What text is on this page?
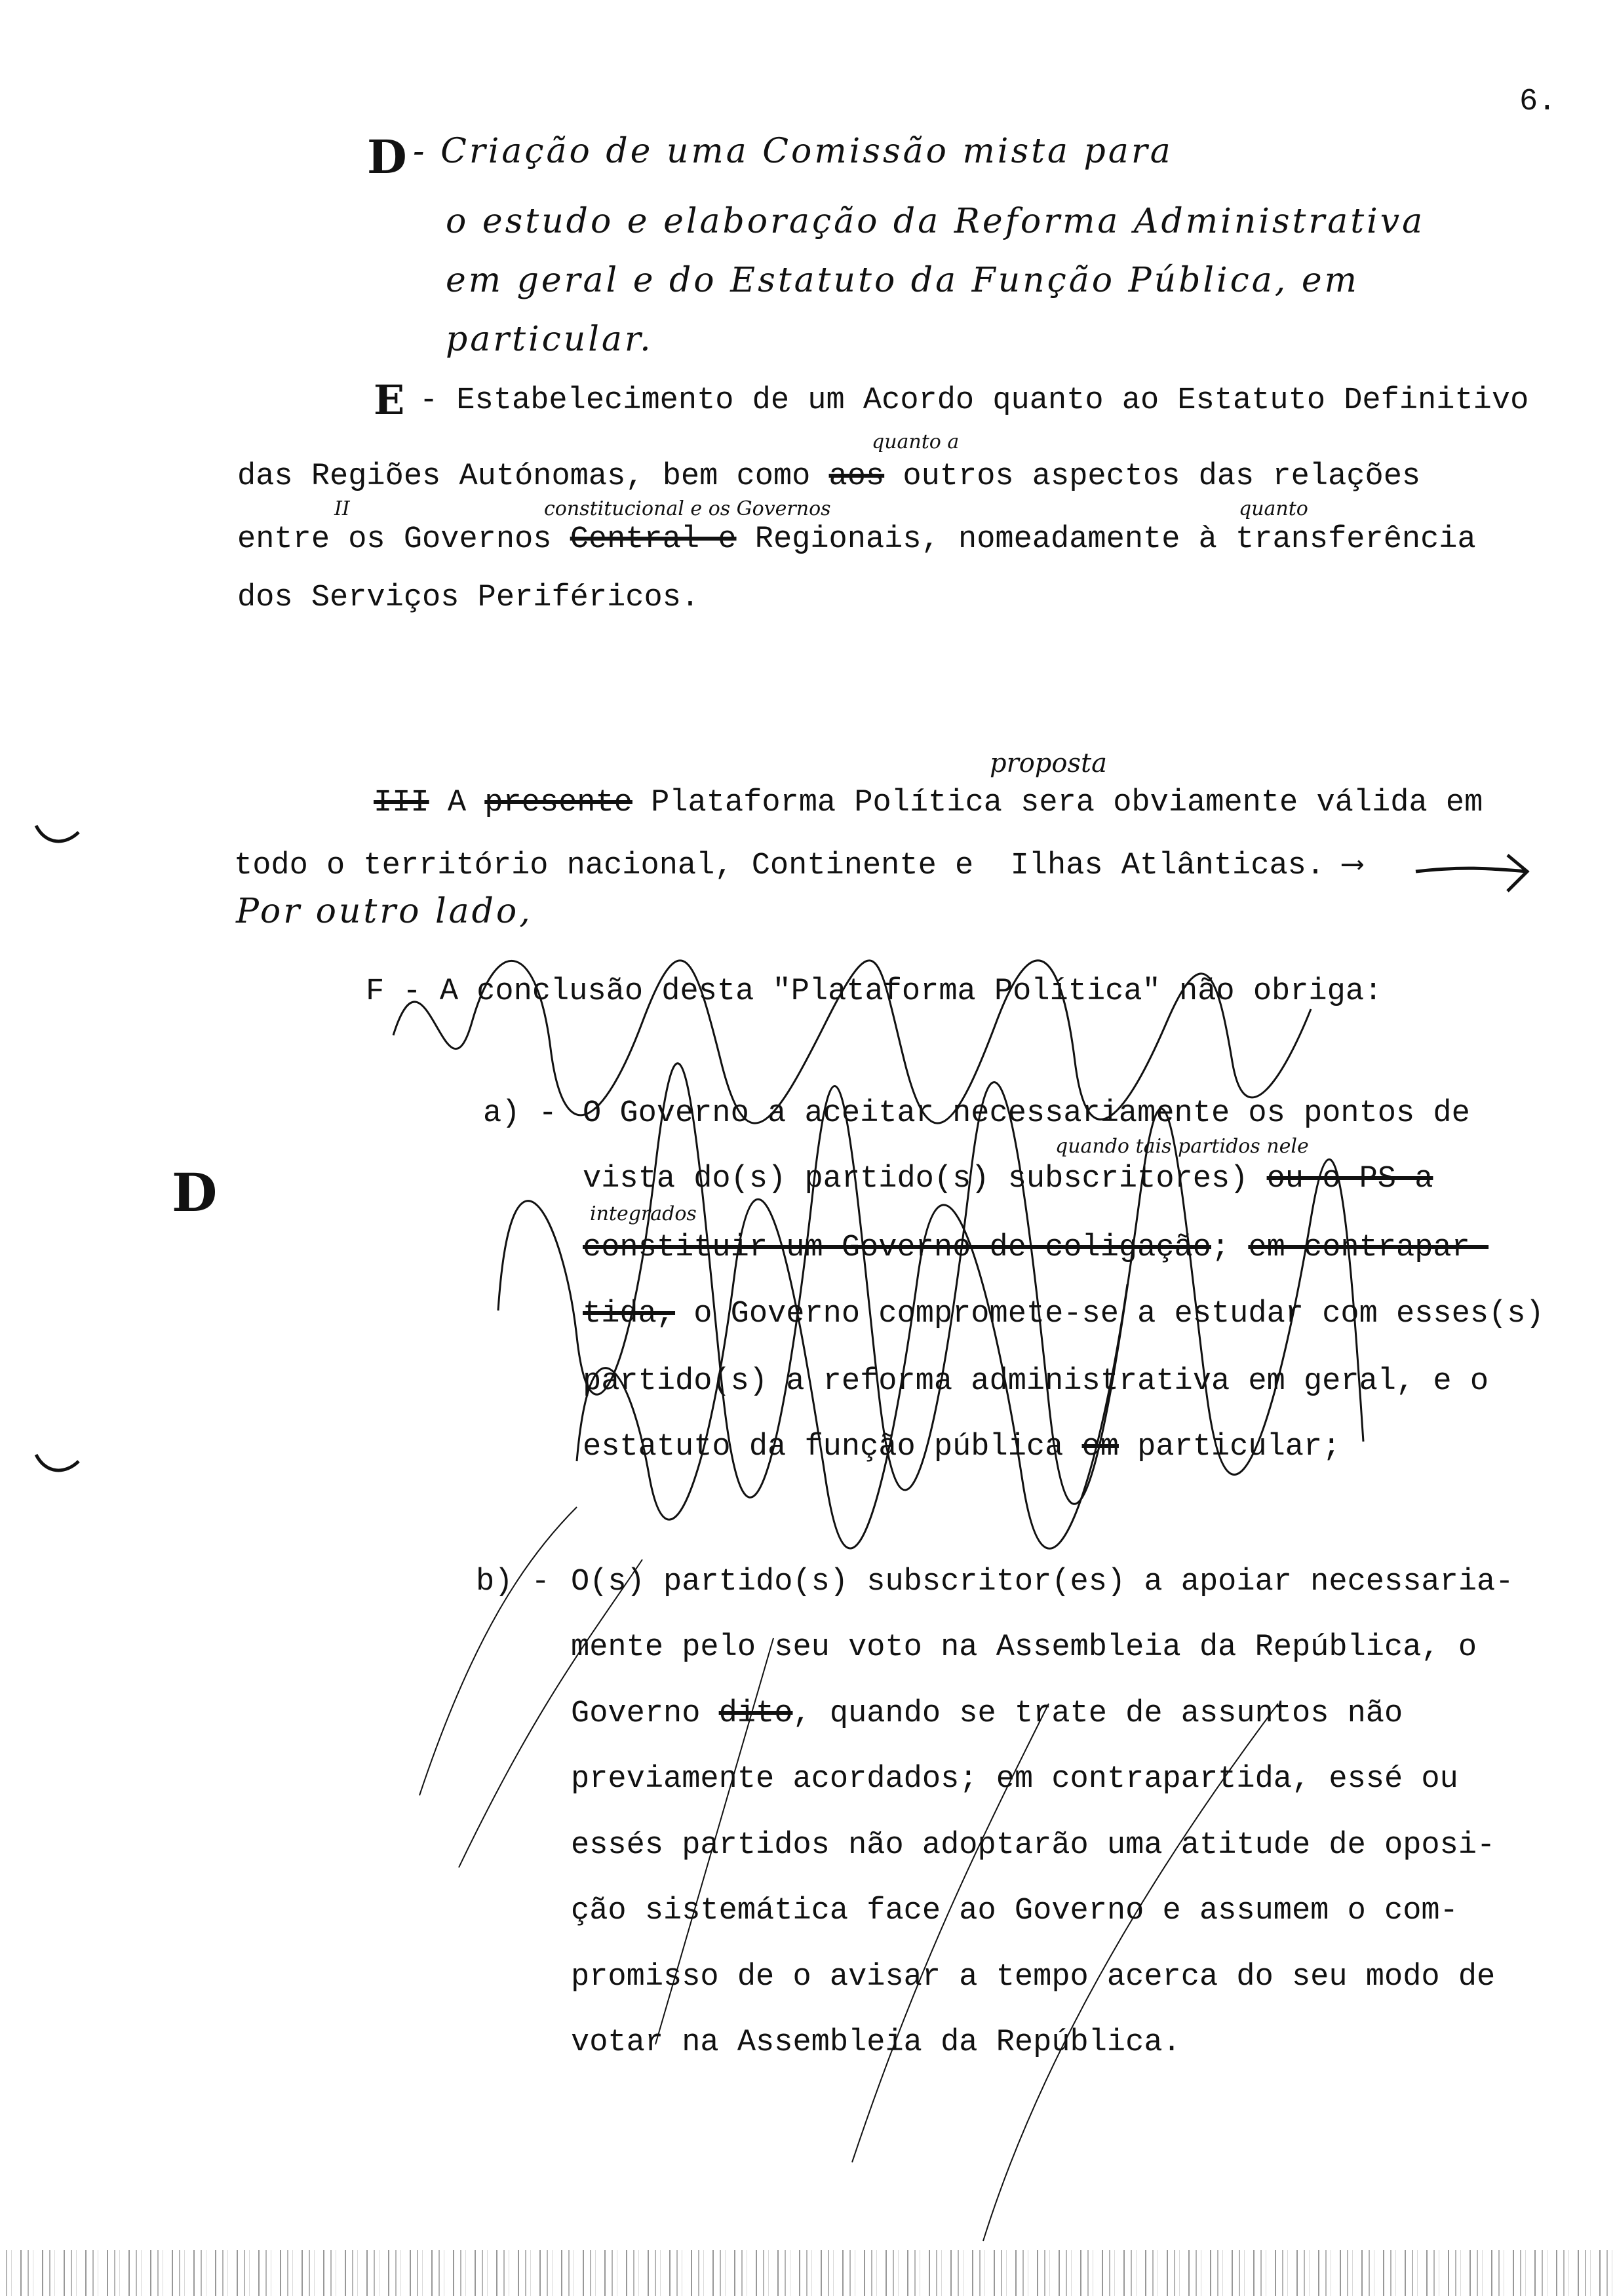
6.
D - Criação de uma Comissão mista para
o estudo e elaboração da Reforma Administrativa
em geral e do Estatuto da Função Pública, em
particular.
E - Estabelecimento de um Acordo quanto ao Estatuto Definitivo
das Regiões Autónomas, bem como aos outros aspectos das relações
entre os Governos Central e Regionais, nomeadamente à transferência
dos Serviços Periféricos.
quanto a
constitucional e os Governos	quanto
II
III A presente Plataforma Política sera obviamente válida em
todo o território nacional, Continente e  Ilhas Atlânticas. ⟶
proposta
Por outro lado,
F - A conclusão desta "Plataforma Política" não obriga:
a) - O Governo a aceitar necessariamente os pontos de
vista do(s) partido(s) subscritores) ou o PS a
constituir um Governo de coligação; em contrapar-
tida, o Governo compromete-se a estudar com esses(s)
partido(s) a reforma administrativa em geral, e o
estatuto da função pública em particular;
quando tais partidos nele
integrados
b) - O(s) partido(s) subscritor(es) a apoiar necessaria-
mente pelo seu voto na Assembleia da República, o
Governo dito, quando se trate de assuntos não
previamente acordados; em contrapartida, essé ou
essés partidos não adoptarão uma atitude de oposi-
ção sistemática face ao Governo e assumem o com-
promisso de o avisar a tempo acerca do seu modo de
votar na Assembleia da República.
D
